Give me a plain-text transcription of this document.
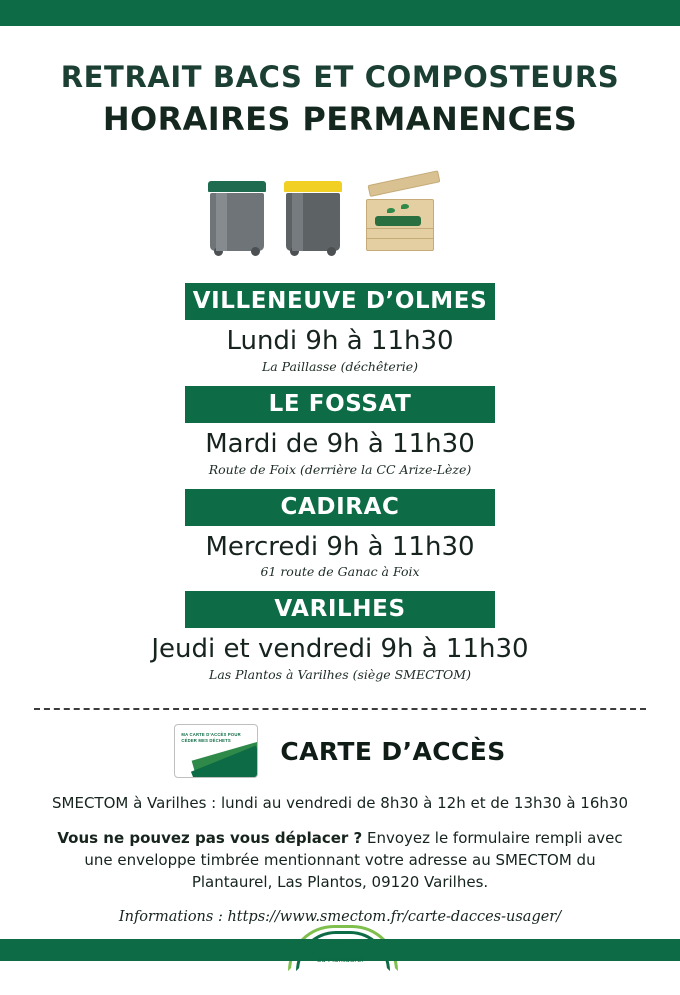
RETRAIT BACS ET COMPOSTEURS
HORAIRES PERMANENCES
VILLENEUVE D’OLMES
Lundi 9h à 11h30
La Paillasse (déchêterie)
LE FOSSAT
Mardi de 9h à 11h30
Route de Foix (derrière la CC Arize-Lèze)
CADIRAC
Mercredi 9h à 11h30
61 route de Ganac à Foix
VARILHES
Jeudi et vendredi 9h à 11h30
Las Plantos à Varilhes (siège SMECTOM)
MA CARTE D’ACCÈS POUR CÉDER MES DÉCHETS	CARTE D’ACCÈS
SMECTOM à Varilhes : lundi au vendredi de 8h30 à 12h et de 13h30 à 16h30
Vous ne pouvez pas vous déplacer ? Envoyez le formulaire rempli avec une enveloppe timbrée mentionnant votre adresse au SMECTOM du Plantaurel, Las Plantos, 09120 Varilhes.
Informations : https://www.smectom.fr/carte-dacces-usager/
smectom
du Plantaurel
